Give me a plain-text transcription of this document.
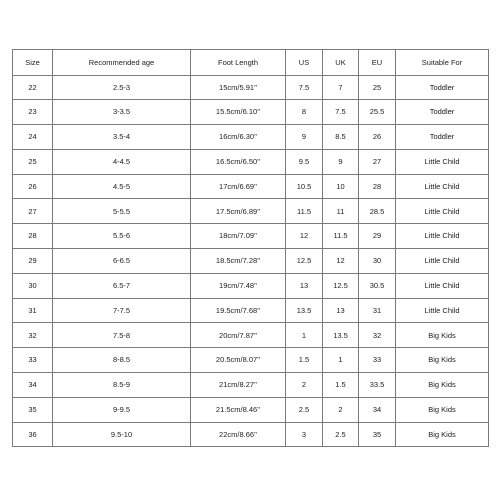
Size	Recommended age	Foot Length	US	UK	EU	Suitable For
22	2.5-3	15cm/5.91''	7.5	7	25	Toddler
23	3-3.5	15.5cm/6.10''	8	7.5	25.5	Toddler
24	3.5-4	16cm/6.30''	9	8.5	26	Toddler
25	4-4.5	16.5cm/6.50''	9.5	9	27	Little Child
26	4.5-5	17cm/6.69''	10.5	10	28	Little Child
27	5-5.5	17.5cm/6.89''	11.5	11	28.5	Little Child
28	5.5-6	18cm/7.09''	12	11.5	29	Little Child
29	6-6.5	18.5cm/7.28''	12.5	12	30	Little Child
30	6.5-7	19cm/7.48''	13	12.5	30.5	Little Child
31	7-7.5	19.5cm/7.68''	13.5	13	31	Little Child
32	7.5-8	20cm/7.87''	1	13.5	32	Big Kids
33	8-8.5	20.5cm/8.07''	1.5	1	33	Big Kids
34	8.5-9	21cm/8.27''	2	1.5	33.5	Big Kids
35	9-9.5	21.5cm/8.46''	2.5	2	34	Big Kids
36	9.5-10	22cm/8.66''	3	2.5	35	Big Kids
